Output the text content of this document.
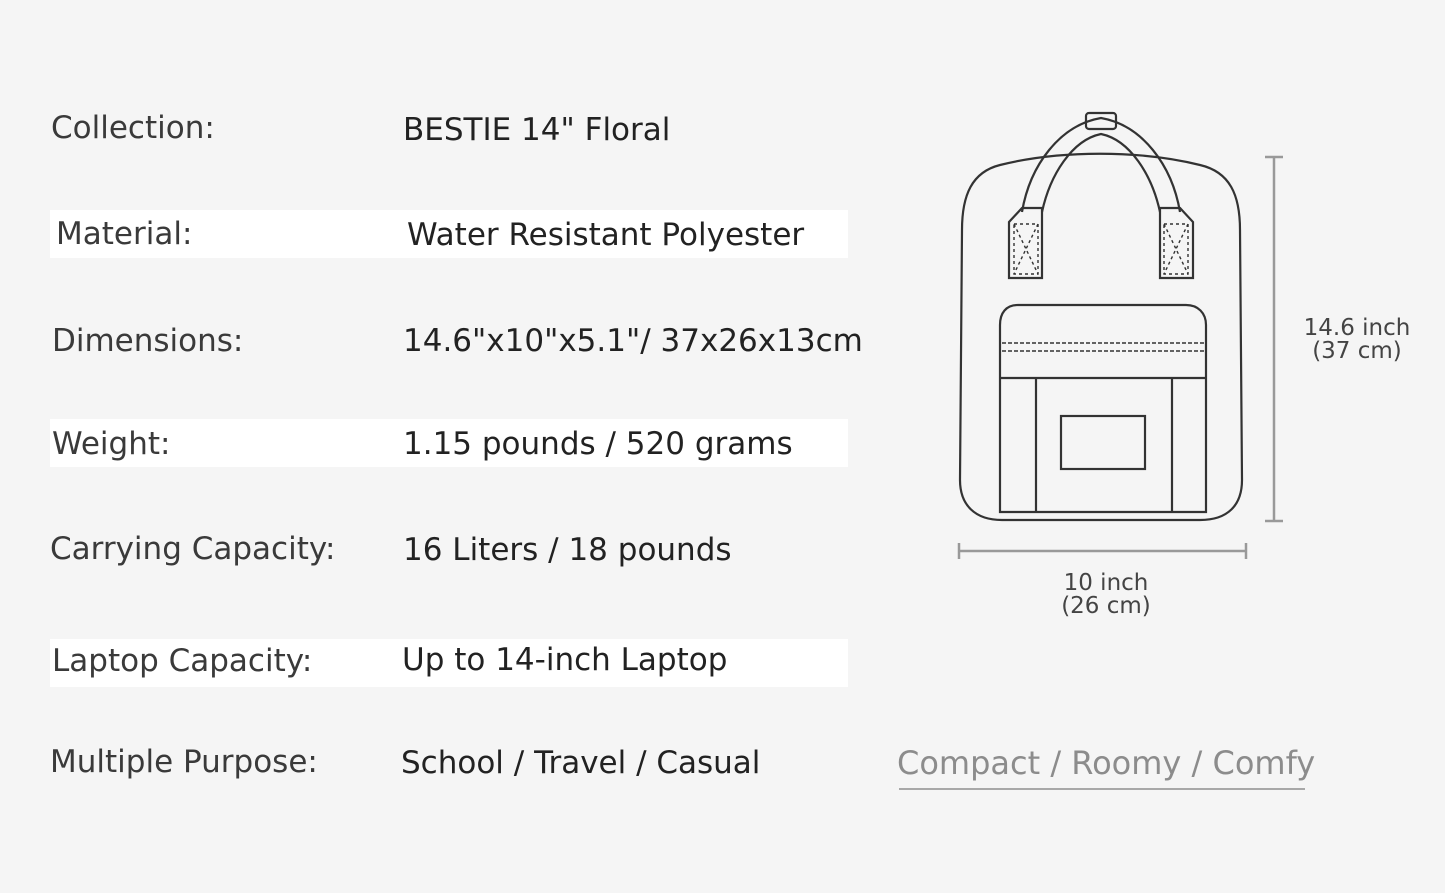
Collection:	BESTIE 14" Floral
Material:	Water Resistant Polyester
Dimensions:	14.6"x10"x5.1"/ 37x26x13cm
Weight:	1.15 pounds / 520 grams
Carrying Capacity: 16 Liters / 18 pounds
Laptop Capacity:	Up to 14-inch Laptop
Multiple Purpose:	School / Travel / Casual
14.6 inch
(37 cm)
10 inch
(26 cm)
Compact / Roomy / Comfy
